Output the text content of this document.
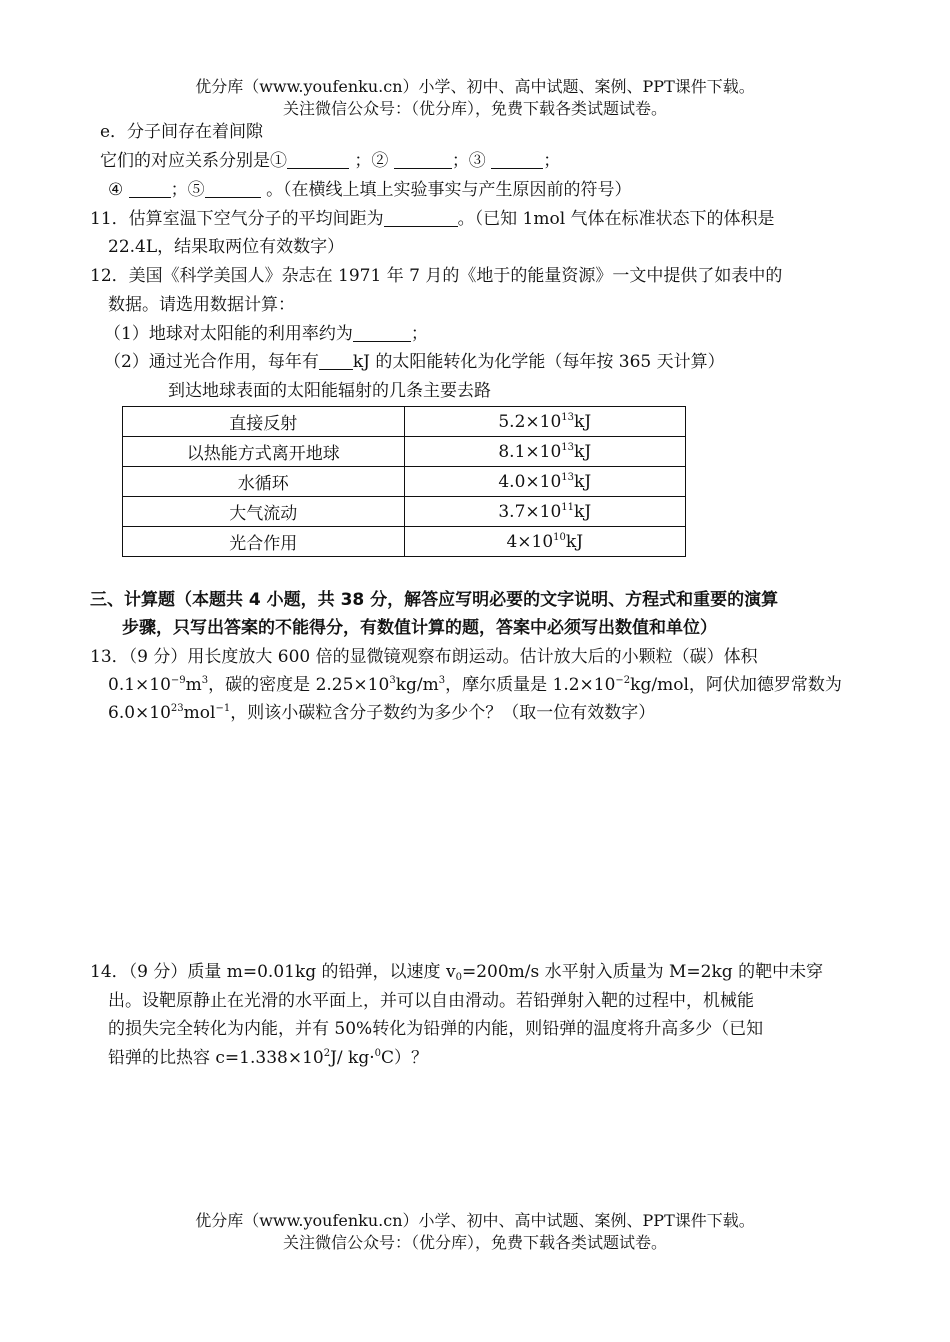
优分库（www.youfenku.cn）小学、初中、高中试题、案例、PPT课件下载。
关注微信公众号：（优分库），免费下载各类试题试卷。
e．分子间存在着间隙
它们的对应关系分别是①	；②	；③	；
④	；⑤	。（在横线上填上实验事实与产生原因前的符号）
11．估算室温下空气分子的平均间距为	。（已知 1mol 气体在标准状态下的体积是
22.4L，结果取两位有效数字）
12．美国《科学美国人》杂志在 1971 年 7 月的《地于的能量资源》一文中提供了如表中的
数据。请选用数据计算：
（1）地球对太阳能的利用率约为	；
（2）通过光合作用，每年有 kJ 的太阳能转化为化学能（每年按 365 天计算）
到达地球表面的太阳能辐射的几条主要去路
直接反射	$5.2\times 10^{13}kJ$
以热能方式离开地球	$8.1\times 10^{13}kJ$
水循环	$4.0\times 10^{13}kJ$
大气流动	$3.7\times 10^{11}kJ$
光合作用	$4\times 10^{10}kJ$
三、计算题（本题共 4 小题，共 38 分，解答应写明必要的文字说明、方程式和重要的演算
步骤，只写出答案的不能得分，有数值计算的题，答案中必须写出数值和单位）
13．（9 分）用长度放大 600 倍的显微镜观察布朗运动。估计放大后的小颗粒（碳）体积
$0.1\times 10^{-9}m^3$，碳的密度是 $2.25\times 10^3kg/m^3$，摩尔质量是 $1.2\times 10^{-2}kg$/mol，阿伏加德罗常数为
$6.0\times 10^{23}mol^{-1}$，则该小碳粒含分子数约为多少个？（取一位有效数字）
14．（9 分）质量 m=0.01kg 的铅弹，以速度 $v_0=200m/s$ 水平射入质量为 M=2kg 的靶中未穿
出。设靶原静止在光滑的水平面上，并可以自由滑动。若铅弹射入靶的过程中，机械能
的损失完全转化为内能，并有 50%转化为铅弹的内能，则铅弹的温度将升高多少（已知
铅弹的比热容 $c=1.338\times 10^2J/$ kg·$^0$C）？
优分库（www.youfenku.cn）小学、初中、高中试题、案例、PPT课件下载。
关注微信公众号：（优分库），免费下载各类试题试卷。
